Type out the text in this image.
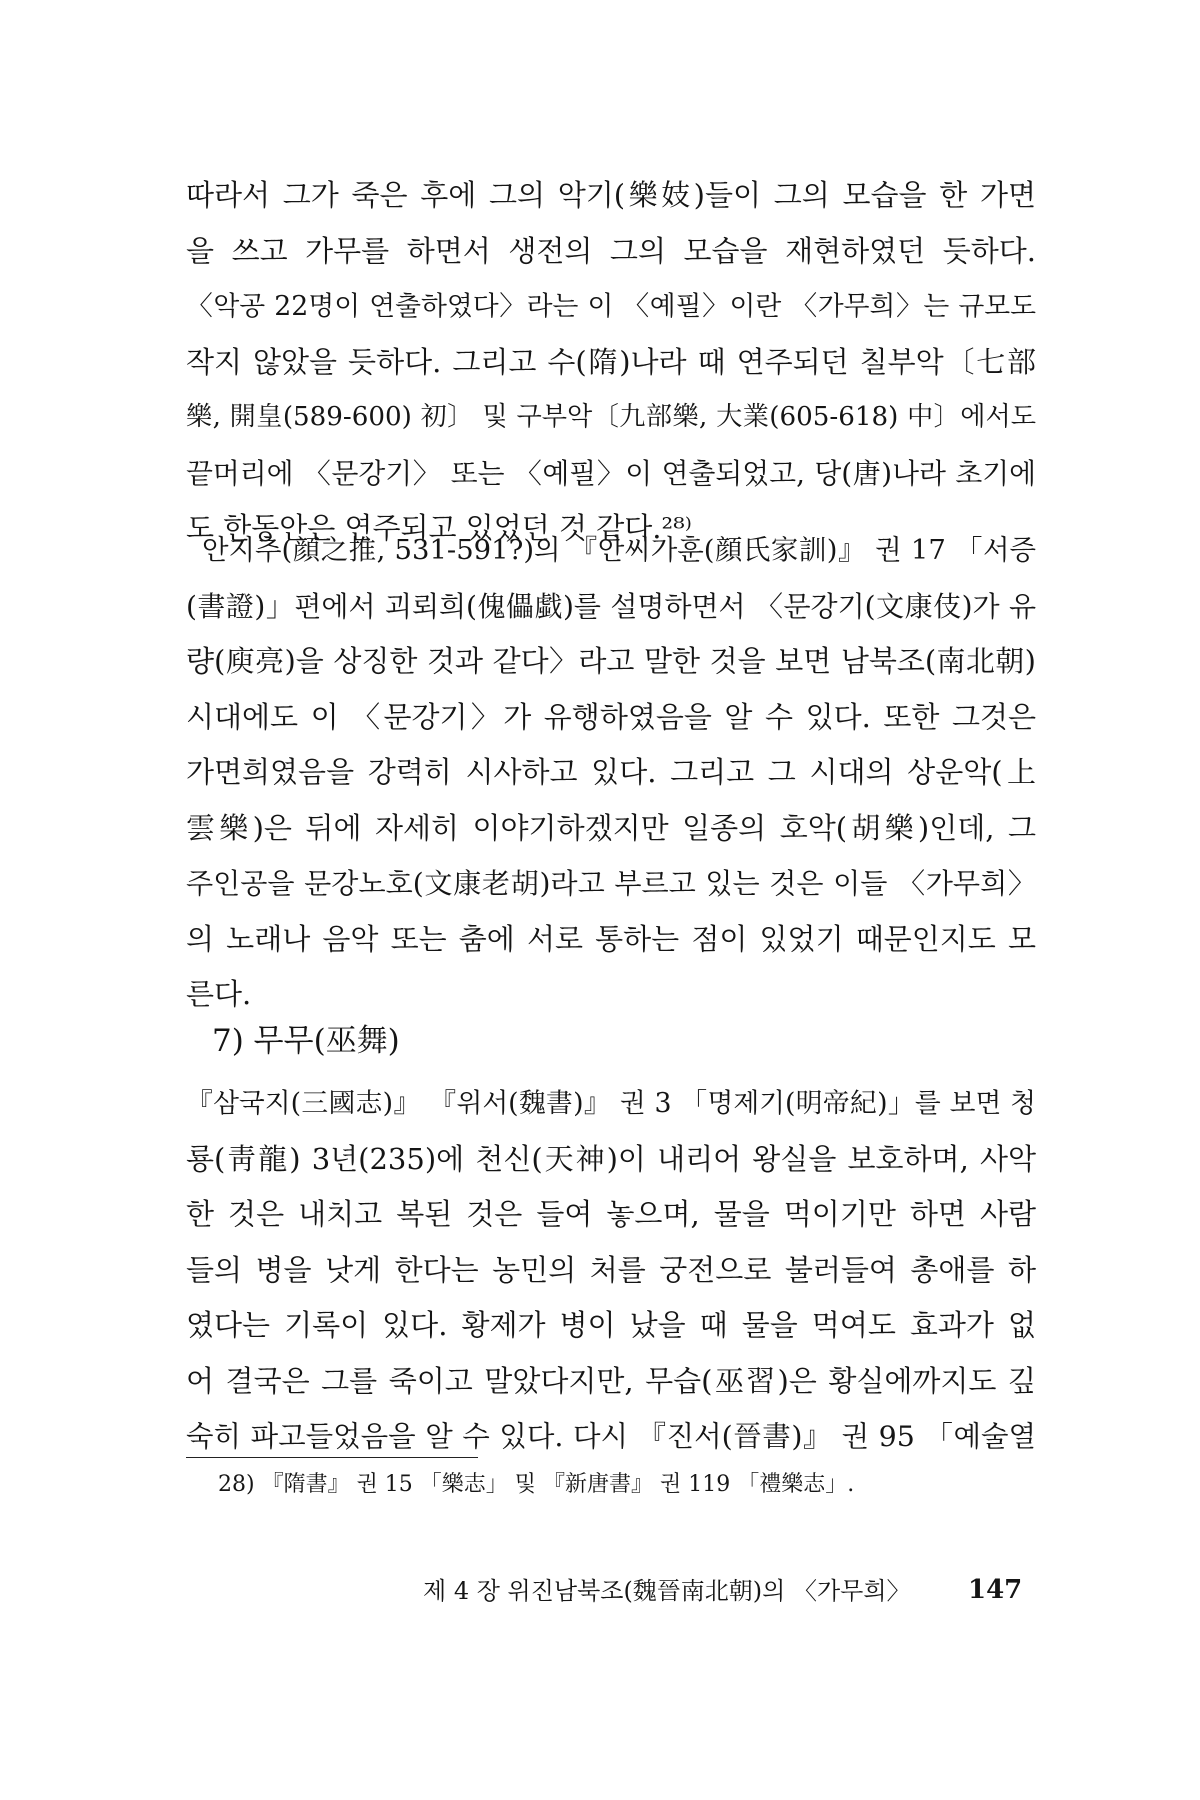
따라서 그가 죽은 후에 그의 악기(樂妓)들이 그의 모습을 한 가면
을 쓰고 가무를 하면서 생전의 그의 모습을 재현하였던 듯하다.
〈악공 22명이 연출하였다〉라는 이 〈예필〉이란 〈가무희〉는 규모도
작지 않았을 듯하다. 그리고 수(隋)나라 때 연주되던 칠부악〔七部
樂, 開皇(589-600) 初〕 및 구부악〔九部樂, 大業(605-618) 中〕에서도
끝머리에 〈문강기〉 또는 〈예필〉이 연출되었고, 당(唐)나라 초기에
도 한동안은 연주되고 있었던 것 같다.²⁸⁾
안지추(顔之推, 531-591?)의 『안씨가훈(顔氏家訓)』 권 17 「서증
(書證)」편에서 괴뢰희(傀儡戱)를 설명하면서 〈문강기(文康伎)가 유
량(庾亮)을 상징한 것과 같다〉라고 말한 것을 보면 남북조(南北朝)
시대에도 이 〈문강기〉가 유행하였음을 알 수 있다. 또한 그것은
가면희였음을 강력히 시사하고 있다. 그리고 그 시대의 상운악(上
雲樂)은 뒤에 자세히 이야기하겠지만 일종의 호악(胡樂)인데, 그
주인공을 문강노호(文康老胡)라고 부르고 있는 것은 이들 〈가무희〉
의 노래나 음악 또는 춤에 서로 통하는 점이 있었기 때문인지도 모
른다.
7) 무무(巫舞)
『삼국지(三國志)』 『위서(魏書)』 권 3 「명제기(明帝紀)」를 보면 청
룡(靑龍) 3년(235)에 천신(天神)이 내리어 왕실을 보호하며, 사악
한 것은 내치고 복된 것은 들여 놓으며, 물을 먹이기만 하면 사람
들의 병을 낫게 한다는 농민의 처를 궁전으로 불러들여 총애를 하
였다는 기록이 있다. 황제가 병이 났을 때 물을 먹여도 효과가 없
어 결국은 그를 죽이고 말았다지만, 무습(巫習)은 황실에까지도 깊
숙히 파고들었음을 알 수 있다. 다시 『진서(晉書)』 권 95 「예술열
28) 『隋書』 권 15 「樂志」 및 『新唐書』 권 119 「禮樂志」.
제 4 장 위진남북조(魏晉南北朝)의 〈가무희〉 147
